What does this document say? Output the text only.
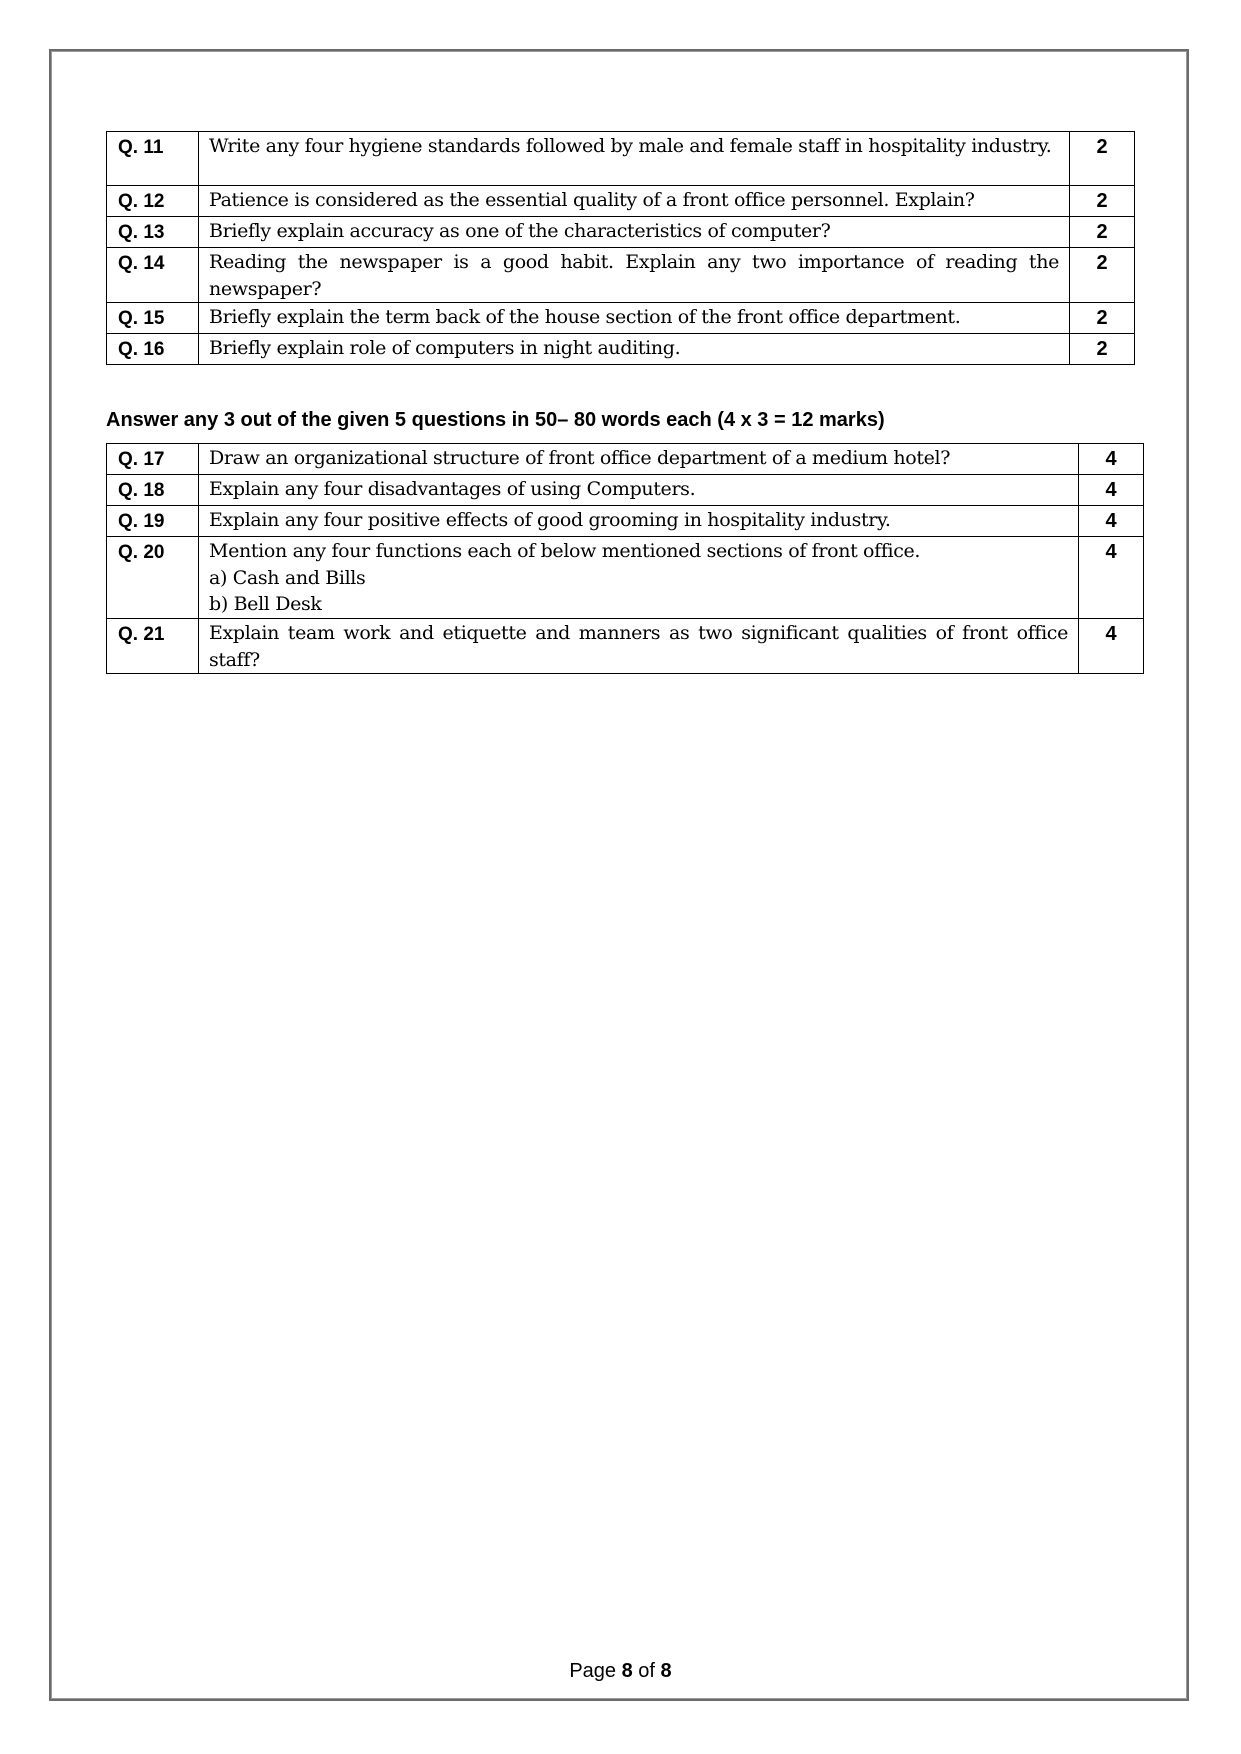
Q. 11	Write any four hygiene standards followed by male and female staff in hospitality industry.	2
Q. 12	Patience is considered as the essential quality of a front office personnel. Explain?	2
Q. 13	Briefly explain accuracy as one of the characteristics of computer?	2
Q. 14	Reading the newspaper is a good habit. Explain any two importance of reading the newspaper?	2
Q. 15	Briefly explain the term back of the house section of the front office department.	2
Q. 16	Briefly explain role of computers in night auditing.	2
Answer any 3 out of the given 5 questions in 50– 80 words each (4 x 3 = 12 marks)
Q. 17	Draw an organizational structure of front office department of a medium hotel?	4
Q. 18	Explain any four disadvantages of using Computers.	4
Q. 19	Explain any four positive effects of good grooming in hospitality industry.	4
Q. 20	Mention any four functions each of below mentioned sections of front office.
a) Cash and Bills
b) Bell Desk	4
Q. 21	Explain team work and etiquette and manners as two significant qualities of front office staff?	4
Page 8 of 8
